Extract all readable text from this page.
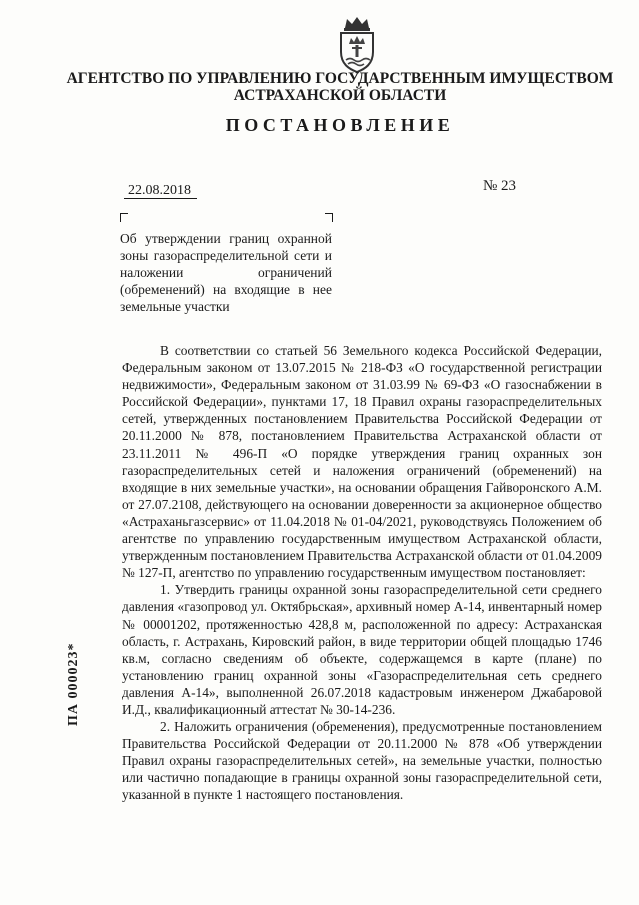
АГЕНТСТВО ПО УПРАВЛЕНИЮ ГОСУДАРСТВЕННЫМ ИМУЩЕСТВОМ
АСТРАХАНСКОЙ ОБЛАСТИ
ПОСТАНОВЛЕНИЕ
22.08.2018	№ 23

Об утверждении границ охранной зоны газораспределительной сети и наложении ограничений (обременений) на входящие в нее земельные участки

В соответствии со статьей 56 Земельного кодекса Российской Федерации, Федеральным законом от 13.07.2015 № 218-ФЗ «О государственной регистрации недвижимости», Федеральным законом от 31.03.99 № 69-ФЗ «О газоснабжении в Российской Федерации», пунктами 17, 18 Правил охраны газораспределительных сетей, утвержденных постановлением Правительства Российской Федерации от 20.11.2000 № 878, постановлением Правительства Астраханской области от 23.11.2011 № 496-П «О порядке утверждения границ охранных зон газораспределительных сетей и наложения ограничений (обременений) на входящие в них земельные участки», на основании обращения Гайворонского А.М. от 27.07.2108, действующего на основании доверенности за акционерное общество «Астраханьгазсервис» от 11.04.2018 № 01-04/2021, руководствуясь Положением об агентстве по управлению государственным имуществом Астраханской области, утвержденным постановлением Правительства Астраханской области от 01.04.2009 № 127-П, агентство по управлению государственным имуществом постановляет:

1. Утвердить границы охранной зоны газораспределительной сети среднего давления «газопровод ул. Октябрьская», архивный номер А-14, инвентарный номер № 00001202, протяженностью 428,8 м, расположенной по адресу: Астраханская область, г. Астрахань, Кировский район, в виде территории общей площадью 1746 кв.м, согласно сведениям об объекте, содержащемся в карте (плане) по установлению границ охранной зоны «Газораспределительная сеть среднего давления А-14», выполненной 26.07.2018 кадастровым инженером Джабаровой И.Д., квалификационный аттестат № 30-14-236.

2. Наложить ограничения (обременения), предусмотренные постановлением Правительства Российской Федерации от 20.11.2000 № 878 «Об утверждении Правил охраны газораспределительных сетей», на земельные участки, полностью или частично попадающие в границы охранной зоны газораспределительной сети, указанной в пункте 1 настоящего постановления.

ПА 000023*
